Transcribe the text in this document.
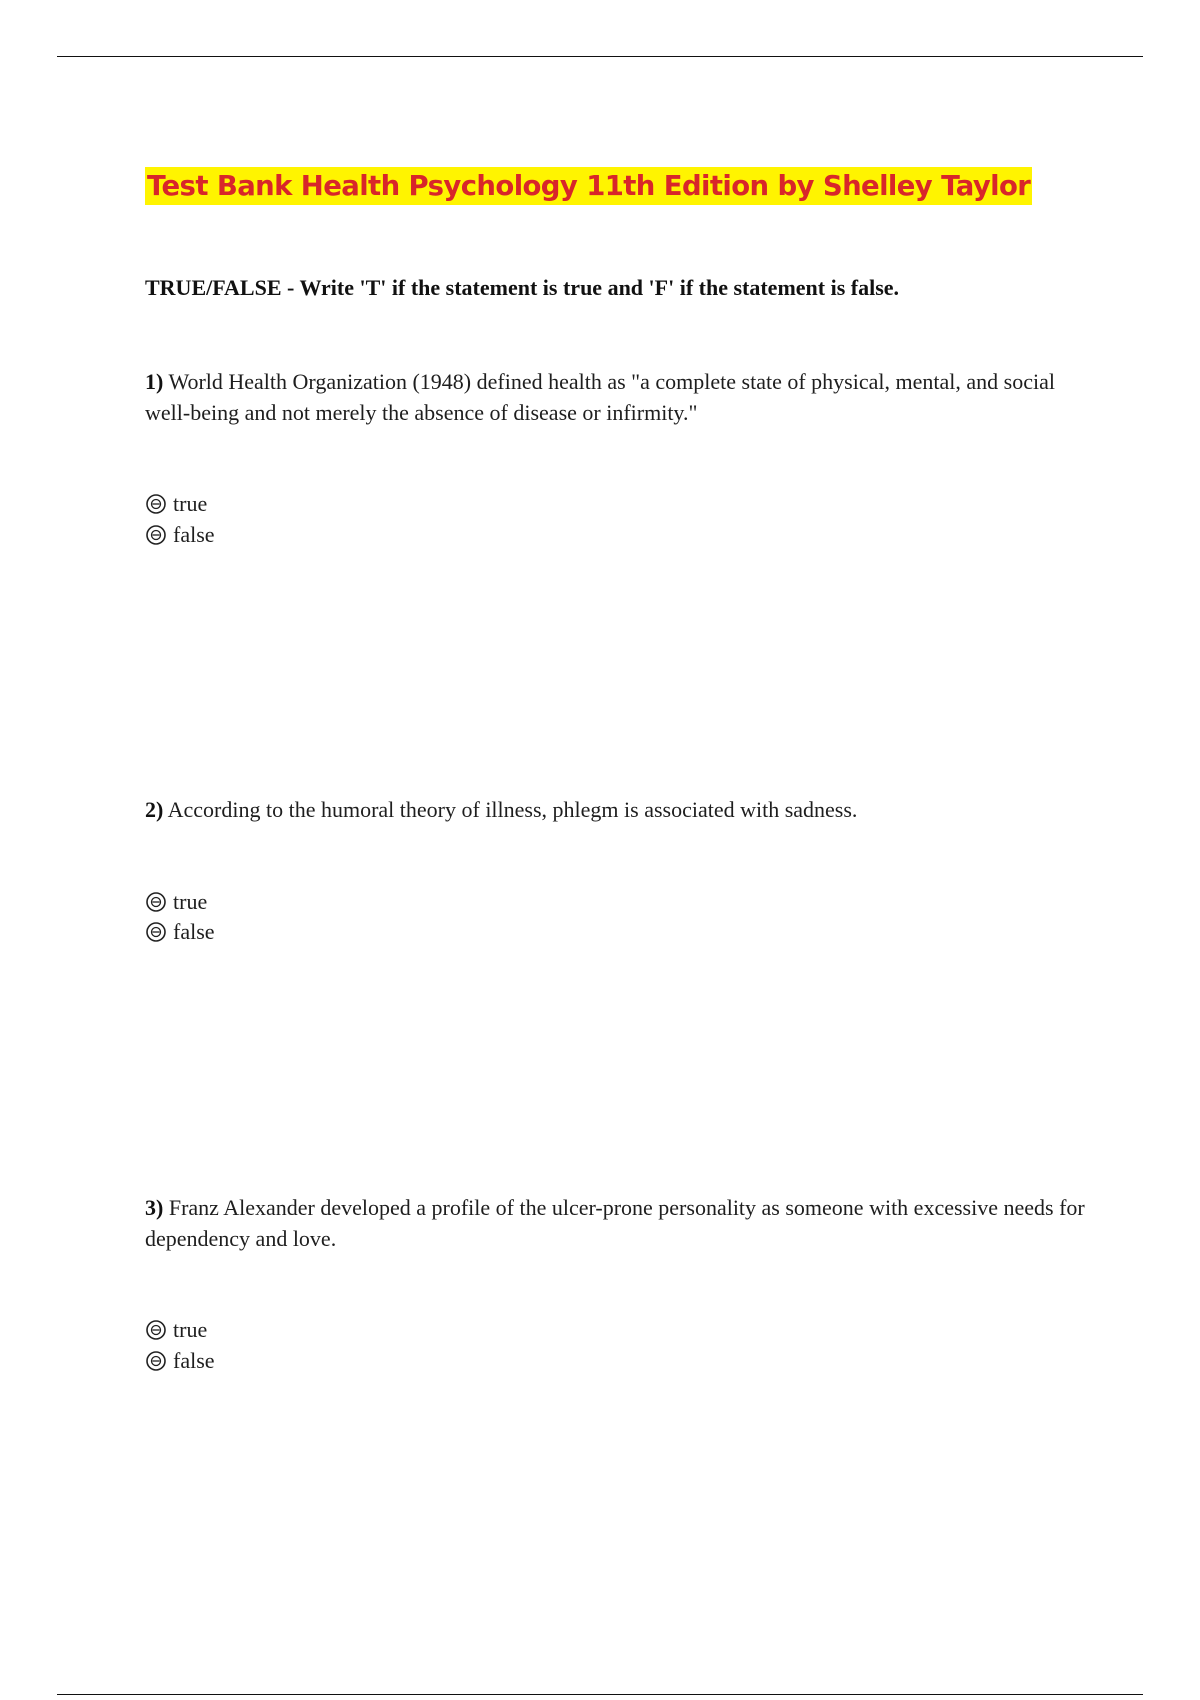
Test Bank Health Psychology 11th Edition by Shelley Taylor

TRUE/FALSE - Write 'T' if the statement is true and 'F' if the statement is false.

1) World Health Organization (1948) defined health as "a complete state of physical, mental, and social well-being and not merely the absence of disease or infirmity."

true
false

2) According to the humoral theory of illness, phlegm is associated with sadness.

true
false

3) Franz Alexander developed a profile of the ulcer-prone personality as someone with excessive needs for dependency and love.

true
false
